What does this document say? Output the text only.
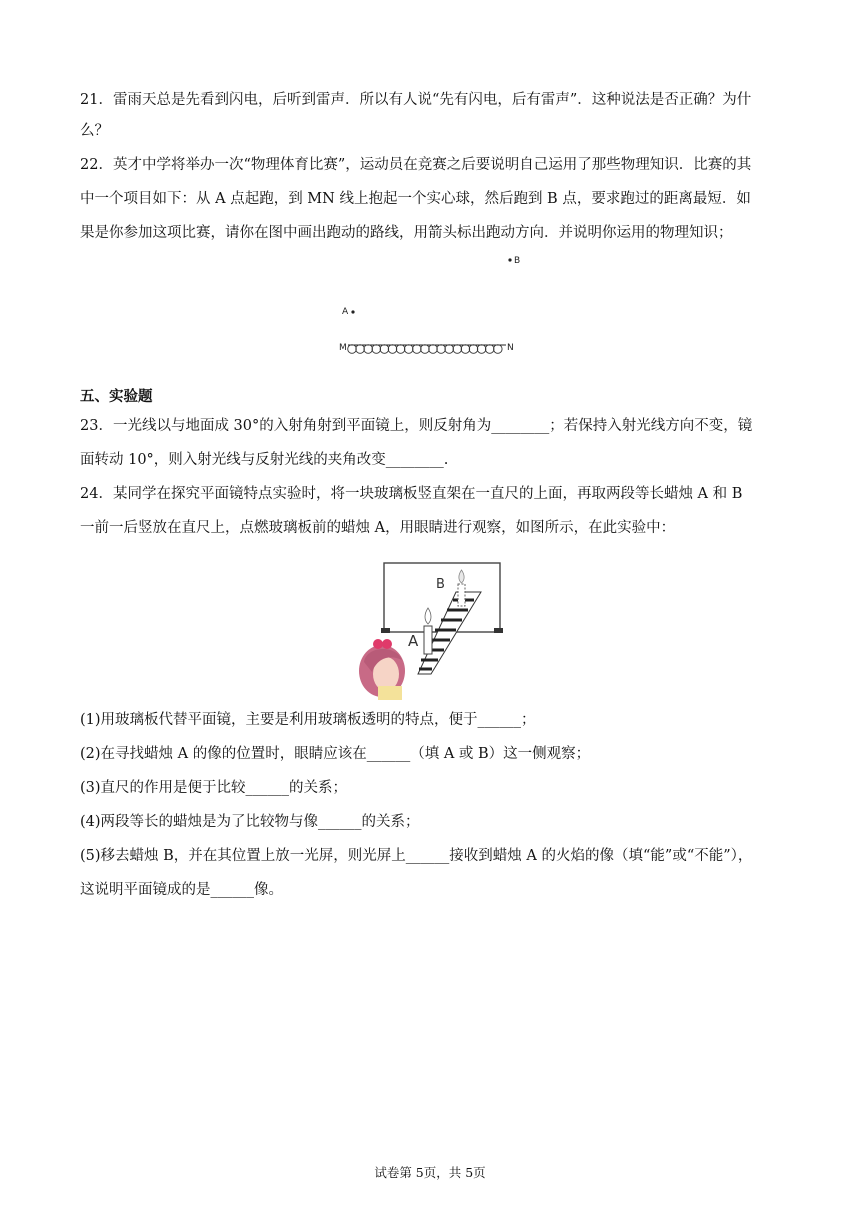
21．雷雨天总是先看到闪电，后听到雷声．所以有人说“先有闪电，后有雷声”．这种说法是否正确？为什
么？
22．英才中学将举办一次“物理体育比赛”，运动员在竞赛之后要说明自己运用了那些物理知识．比赛的其
中一个项目如下：从 A 点起跑，到 MN 线上抱起一个实心球，然后跑到 B 点，要求跑过的距离最短．如
果是你参加这项比赛，请你在图中画出跑动的路线，用箭头标出跑动方向．并说明你运用的物理知识；
B
A
M	N
五、实验题
23．一光线以与地面成 30°的入射角射到平面镜上，则反射角为________；若保持入射光线方向不变，镜
面转动 10°，则入射光线与反射光线的夹角改变________.
24．某同学在探究平面镜特点实验时，将一块玻璃板竖直架在一直尺的上面，再取两段等长蜡烛 A 和 B
一前一后竖放在直尺上，点燃玻璃板前的蜡烛 A，用眼睛进行观察，如图所示，在此实验中：
B
A
(1)用玻璃板代替平面镜，主要是利用玻璃板透明的特点，便于______；
(2)在寻找蜡烛 A 的像的位置时，眼睛应该在______（填 A 或 B）这一侧观察；
(3)直尺的作用是便于比较______的关系；
(4)两段等长的蜡烛是为了比较物与像______的关系；
(5)移去蜡烛 B，并在其位置上放一光屏，则光屏上______接收到蜡烛 A 的火焰的像（填“能”或“不能”），
这说明平面镜成的是______像。
试卷第 5页，共 5页
